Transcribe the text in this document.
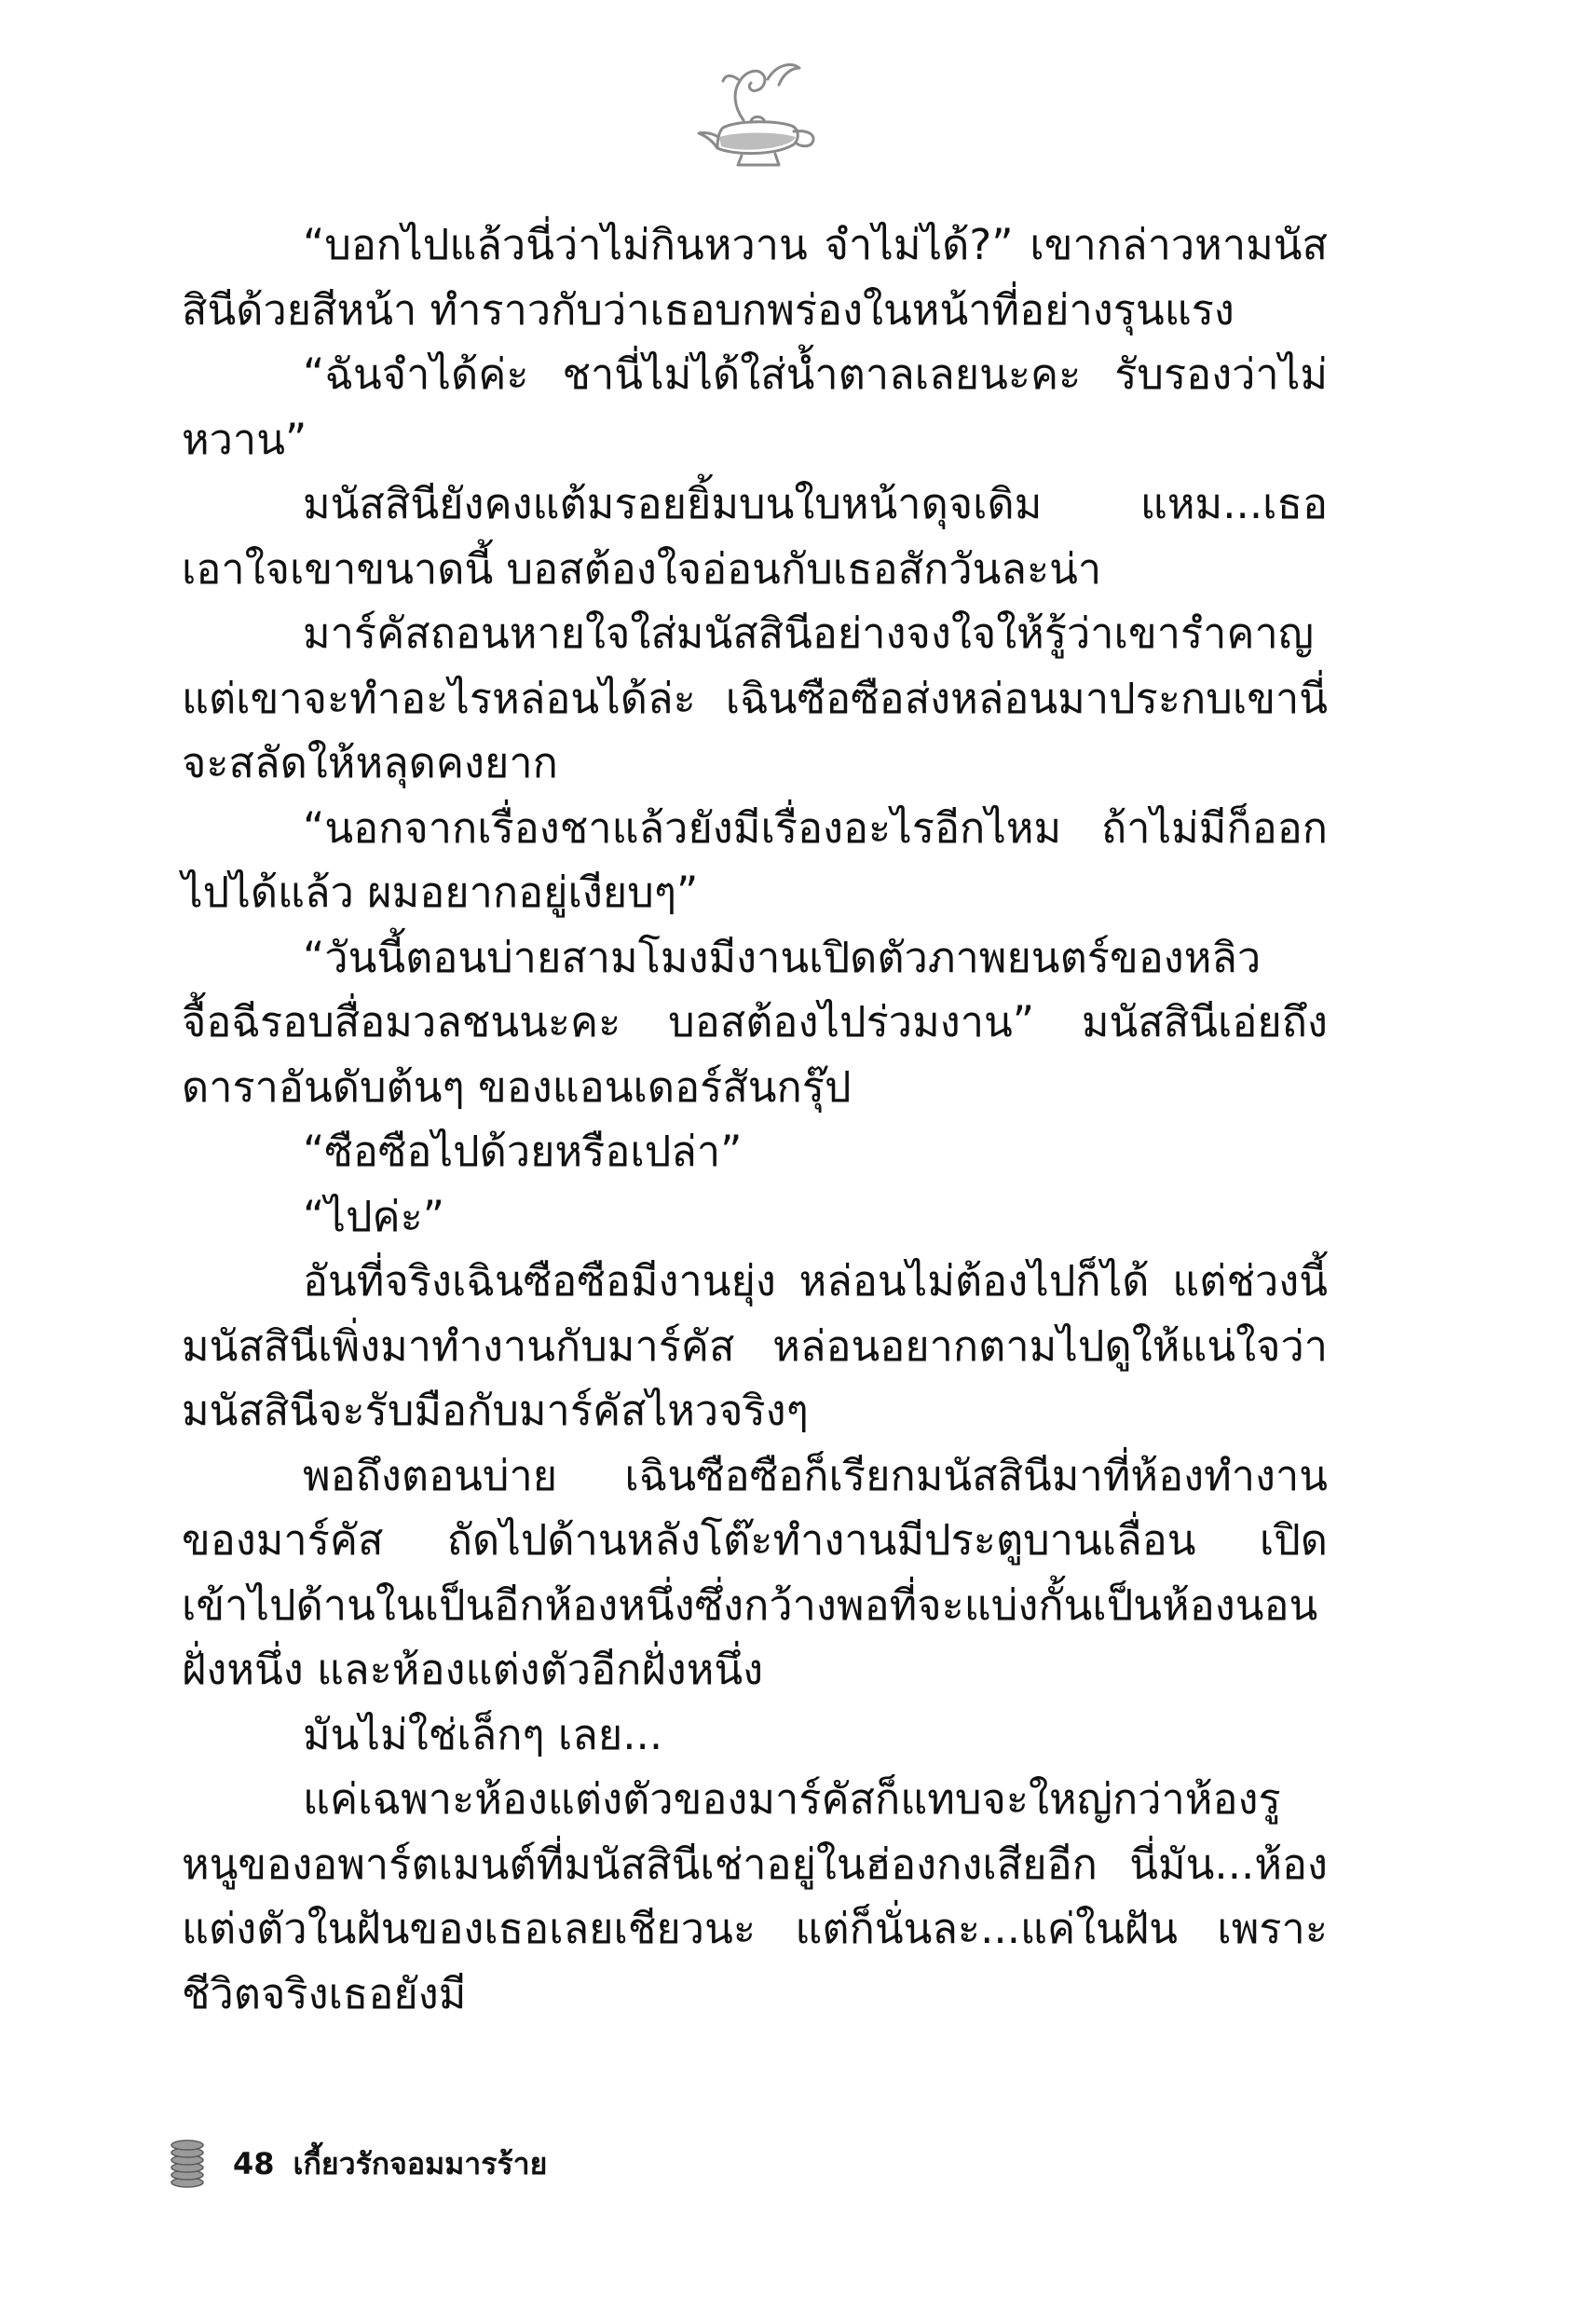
“บอกไปแล้วนี่ว่าไม่กินหวาน จำไม่ได้?” เขากล่าวหามนัสสินีด้วยสีหน้า ทำราวกับว่าเธอบกพร่องในหน้าที่อย่างรุนแรง

“ฉันจำได้ค่ะ ชานี่ไม่ได้ใส่น้ำตาลเลยนะคะ รับรองว่าไม่หวาน”

มนัสสินียังคงแต้มรอยยิ้มบนใบหน้าดุจเดิม แหม...เธอเอาใจเขาขนาดนี้ บอสต้องใจอ่อนกับเธอสักวันละน่า

มาร์คัสถอนหายใจใส่มนัสสินีอย่างจงใจให้รู้ว่าเขารำคาญ แต่เขาจะทำอะไรหล่อนได้ล่ะ เฉินซือซือส่งหล่อนมาประกบเขานี่ จะสลัดให้หลุดคงยาก

“นอกจากเรื่องชาแล้วยังมีเรื่องอะไรอีกไหม ถ้าไม่มีก็ออกไปได้แล้ว ผมอยากอยู่เงียบๆ”

“วันนี้ตอนบ่ายสามโมงมีงานเปิดตัวภาพยนตร์ของหลิวจื้อฉีรอบสื่อมวลชนนะคะ บอสต้องไปร่วมงาน” มนัสสินีเอ่ยถึงดาราอันดับต้นๆ ของแอนเดอร์สันกรุ๊ป

“ซือซือไปด้วยหรือเปล่า”

“ไปค่ะ”

อันที่จริงเฉินซือซือมีงานยุ่ง หล่อนไม่ต้องไปก็ได้ แต่ช่วงนี้มนัสสินีเพิ่งมาทำงานกับมาร์คัส หล่อนอยากตามไปดูให้แน่ใจว่ามนัสสินีจะรับมือกับมาร์คัสไหวจริงๆ

พอถึงตอนบ่าย เฉินซือซือก็เรียกมนัสสินีมาที่ห้องทำงานของมาร์คัส ถัดไปด้านหลังโต๊ะทำงานมีประตูบานเลื่อน เปิดเข้าไปด้านในเป็นอีกห้องหนึ่งซึ่งกว้างพอที่จะแบ่งกั้นเป็นห้องนอนฝั่งหนึ่ง และห้องแต่งตัวอีกฝั่งหนึ่ง

มันไม่ใช่เล็กๆ เลย...

แค่เฉพาะห้องแต่งตัวของมาร์คัสก็แทบจะใหญ่กว่าห้องรูหนูของอพาร์ตเมนต์ที่มนัสสินีเช่าอยู่ในฮ่องกงเสียอีก นี่มัน...ห้องแต่งตัวในฝันของเธอเลยเชียวนะ แต่ก็นั่นละ...แค่ในฝัน เพราะชีวิตจริงเธอยังมี

48 เกี้ยวรักจอมมารร้าย
